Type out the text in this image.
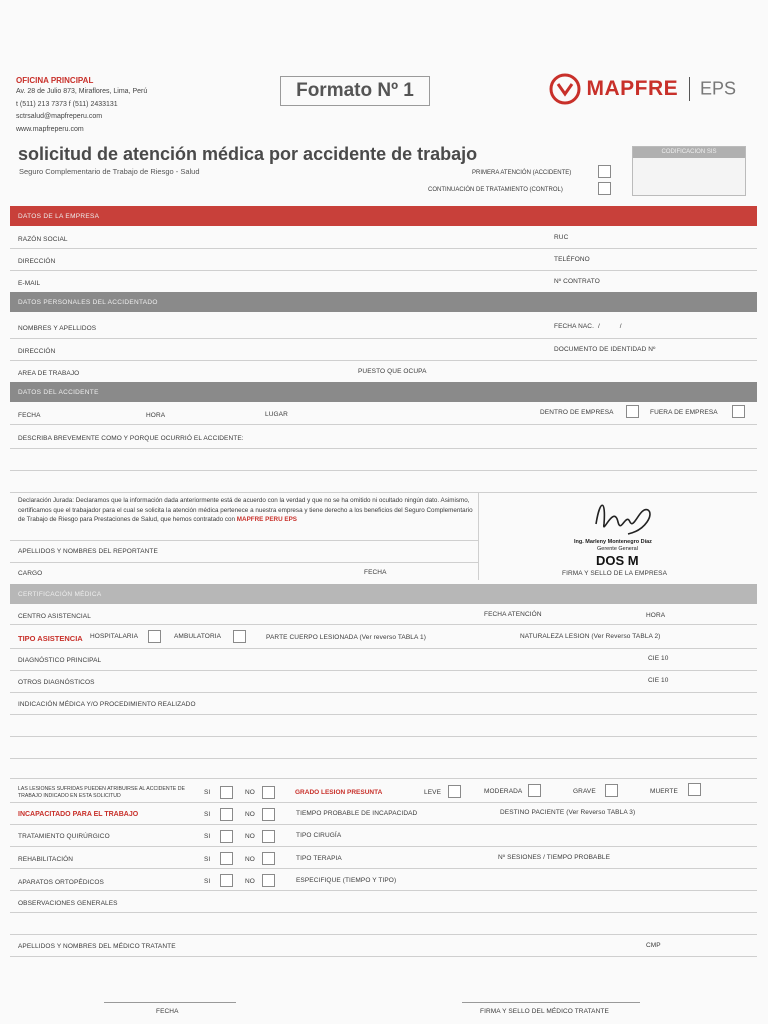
OFICINA PRINCIPAL
Av. 28 de Julio 873, Miraflores, Lima, Perú
t (511) 213 7373 f (511) 2433131
sctrsalud@mapfreperu.com
www.mapfreperu.com
Formato Nº 1	MAPFRE EPS
solicitud de atención médica por accidente de trabajo
Seguro Complementario de Trabajo de Riesgo - Salud
CODIFICACION SIS
PRIMERA ATENCIÓN (ACCIDENTE)
CONTINUACIÓN DE TRATAMIENTO (CONTROL)
DATOS DE LA EMPRESA
RAZÓN SOCIAL	RUC
DIRECCIÓN	TELÉFONO
E-MAIL	Nº CONTRATO
DATOS PERSONALES DEL ACCIDENTADO
NOMBRES Y APELLIDOS	FECHA NAC. / /
DIRECCIÓN	DOCUMENTO DE IDENTIDAD Nº
AREA DE TRABAJO	PUESTO QUE OCUPA
DATOS DEL ACCIDENTE
FECHA	HORA	LUGAR	DENTRO DE EMPRESA	FUERA DE EMPRESA
DESCRIBA BREVEMENTE COMO Y PORQUE OCURRIÓ EL ACCIDENTE:
Declaración Jurada: Declaramos que la información dada anteriormente está de acuerdo con la verdad y que no se ha omitido ni ocultado ningún dato. Asimismo, certificamos que el trabajador para el cual se solicita la atención médica pertenece a nuestra empresa y tiene derecho a los beneficios del Seguro Complementario de Trabajo de Riesgo para Prestaciones de Salud, que hemos contratado con MAPFRE PERU EPS
APELLIDOS Y NOMBRES DEL REPORTANTE
CARGO	FECHA
Ing. Marleny Montenegro Díaz
Gerente General
DOS M
FIRMA Y SELLO DE LA EMPRESA
CERTIFICACIÓN MÉDICA
CENTRO ASISTENCIAL	FECHA ATENCIÓN	HORA
TIPO ASISTENCIA HOSPITALARIA	AMBULATORIA	PARTE CUERPO LESIONADA (Ver reverso TABLA 1)	NATURALEZA LESION (Ver Reverso TABLA 2)
DIAGNÓSTICO PRINCIPAL	CIE 10
OTROS DIAGNÓSTICOS	CIE 10
INDICACIÓN MÉDICA Y/O PROCEDIMIENTO REALIZADO
LAS LESIONES SUFRIDAS PUEDEN ATRIBUIRSE AL ACCIDENTE DE TRABAJO INDICADO EN ESTA SOLICITUD	SI	NO	GRADO LESION PRESUNTA	LEVE	MODERADA	GRAVE	MUERTE
INCAPACITADO PARA EL TRABAJO	SI	NO	TIEMPO PROBABLE DE INCAPACIDAD	DESTINO PACIENTE (Ver Reverso TABLA 3)
TRATAMIENTO QUIRÚRGICO	SI	NO	TIPO CIRUGÍA
REHABILITACIÓN	SI	NO	TIPO TERAPIA	Nº SESIONES / TIEMPO PROBABLE
APARATOS ORTOPÉDICOS	SI	NO	ESPECIFIQUE (TIEMPO Y TIPO)
OBSERVACIONES GENERALES
APELLIDOS Y NOMBRES DEL MÉDICO TRATANTE	CMP
FECHA	FIRMA Y SELLO DEL MÉDICO TRATANTE
